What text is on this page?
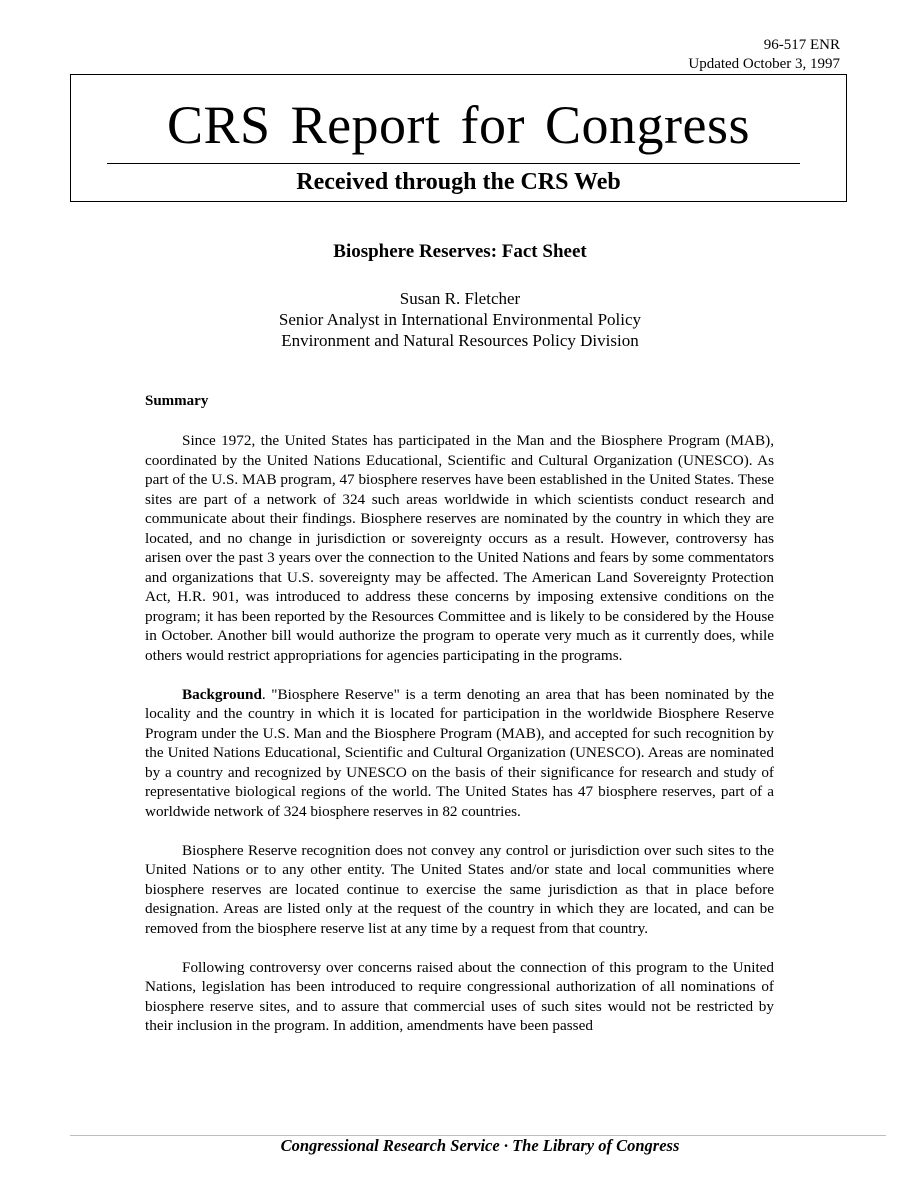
96-517 ENR
Updated October 3, 1997
CRS Report for Congress
Received through the CRS Web
Biosphere Reserves: Fact Sheet
Susan R. Fletcher
Senior Analyst in International Environmental Policy
Environment and Natural Resources Policy Division
Summary

Since 1972, the United States has participated in the Man and the Biosphere Program (MAB), coordinated by the United Nations Educational, Scientific and Cultural Organization (UNESCO). As part of the U.S. MAB program, 47 biosphere reserves have been established in the United States. These sites are part of a network of 324 such areas worldwide in which scientists conduct research and communicate about their findings. Biosphere reserves are nominated by the country in which they are located, and no change in jurisdiction or sovereignty occurs as a result. However, controversy has arisen over the past 3 years over the connection to the United Nations and fears by some commentators and organizations that U.S. sovereignty may be affected. The American Land Sovereignty Protection Act, H.R. 901, was introduced to address these concerns by imposing extensive conditions on the program; it has been reported by the Resources Committee and is likely to be considered by the House in October. Another bill would authorize the program to operate very much as it currently does, while others would restrict appropriations for agencies participating in the programs.

Background. "Biosphere Reserve" is a term denoting an area that has been nominated by the locality and the country in which it is located for participation in the worldwide Biosphere Reserve Program under the U.S. Man and the Biosphere Program (MAB), and accepted for such recognition by the United Nations Educational, Scientific and Cultural Organization (UNESCO). Areas are nominated by a country and recognized by UNESCO on the basis of their significance for research and study of representative biological regions of the world. The United States has 47 biosphere reserves, part of a worldwide network of 324 biosphere reserves in 82 countries.

Biosphere Reserve recognition does not convey any control or jurisdiction over such sites to the United Nations or to any other entity. The United States and/or state and local communities where biosphere reserves are located continue to exercise the same jurisdiction as that in place before designation. Areas are listed only at the request of the country in which they are located, and can be removed from the biosphere reserve list at any time by a request from that country.

Following controversy over concerns raised about the connection of this program to the United Nations, legislation has been introduced to require congressional authorization of all nominations of biosphere reserve sites, and to assure that commercial uses of such sites would not be restricted by their inclusion in the program. In addition, amendments have been passed

Congressional Research Service · The Library of Congress
